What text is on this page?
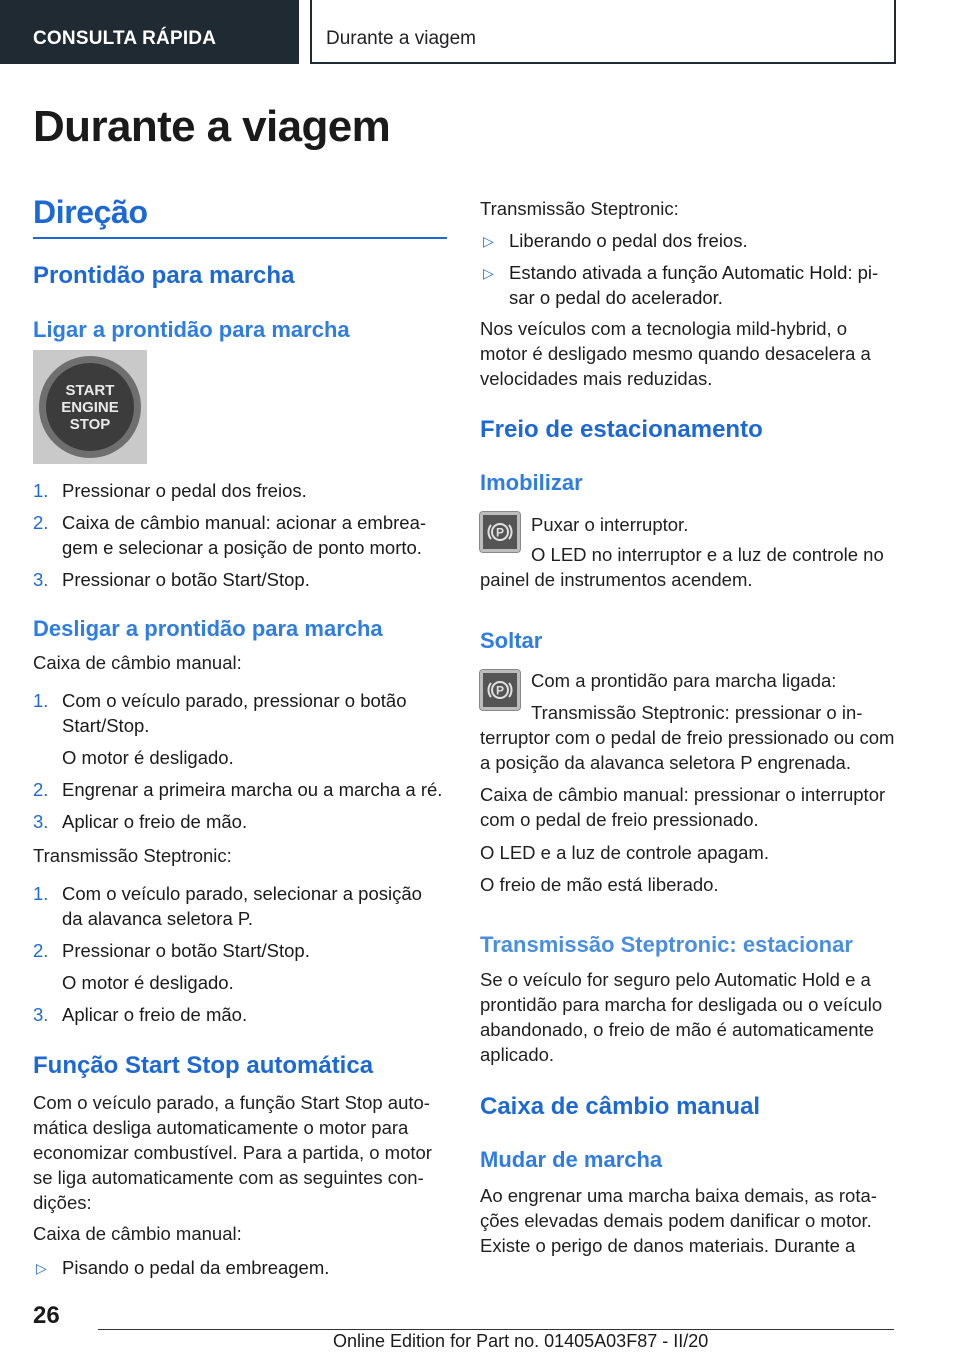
CONSULTA RÁPIDA	Durante a viagem
Durante a viagem
Direção
Prontidão para marcha
Ligar a prontidão para marcha
START
ENGINE
STOP
1. Pressionar o pedal dos freios.
2. Caixa de câmbio manual: acionar a embrea- gem e selecionar a posição de ponto morto.
3. Pressionar o botão Start/Stop.
Desligar a prontidão para marcha
Caixa de câmbio manual:
1. Com o veículo parado, pressionar o botão Start/Stop.
O motor é desligado.
2. Engrenar a primeira marcha ou a marcha a ré.
3. Aplicar o freio de mão.
Transmissão Steptronic:
1. Com o veículo parado, selecionar a posição da alavanca seletora P.
2. Pressionar o botão Start/Stop.
O motor é desligado.
3. Aplicar o freio de mão.
Função Start Stop automática
Com o veículo parado, a função Start Stop auto- mática desliga automaticamente o motor para economizar combustível. Para a partida, o motor se liga automaticamente com as seguintes con- dições:
Caixa de câmbio manual:
▷ Pisando o pedal da embreagem.
Transmissão Steptronic:
▷ Liberando o pedal dos freios.
▷ Estando ativada a função Automatic Hold: pi- sar o pedal do acelerador.
Nos veículos com a tecnologia mild-hybrid, o motor é desligado mesmo quando desacelera a velocidades mais reduzidas.
Freio de estacionamento
Imobilizar
P Puxar o interruptor.
O LED no interruptor e a luz de controle no painel de instrumentos acendem.
Soltar
P Com a prontidão para marcha ligada:
Transmissão Steptronic: pressionar o in- terruptor com o pedal de freio pressionado ou com a posição da alavanca seletora P engrenada.
Caixa de câmbio manual: pressionar o interruptor com o pedal de freio pressionado.
O LED e a luz de controle apagam.
O freio de mão está liberado.
Transmissão Steptronic: estacionar
Se o veículo for seguro pelo Automatic Hold e a prontidão para marcha for desligada ou o veículo abandonado, o freio de mão é automaticamente aplicado.
Caixa de câmbio manual
Mudar de marcha
Ao engrenar uma marcha baixa demais, as rota- ções elevadas demais podem danificar o motor. Existe o perigo de danos materiais. Durante a
26
Online Edition for Part no. 01405A03F87 - II/20
